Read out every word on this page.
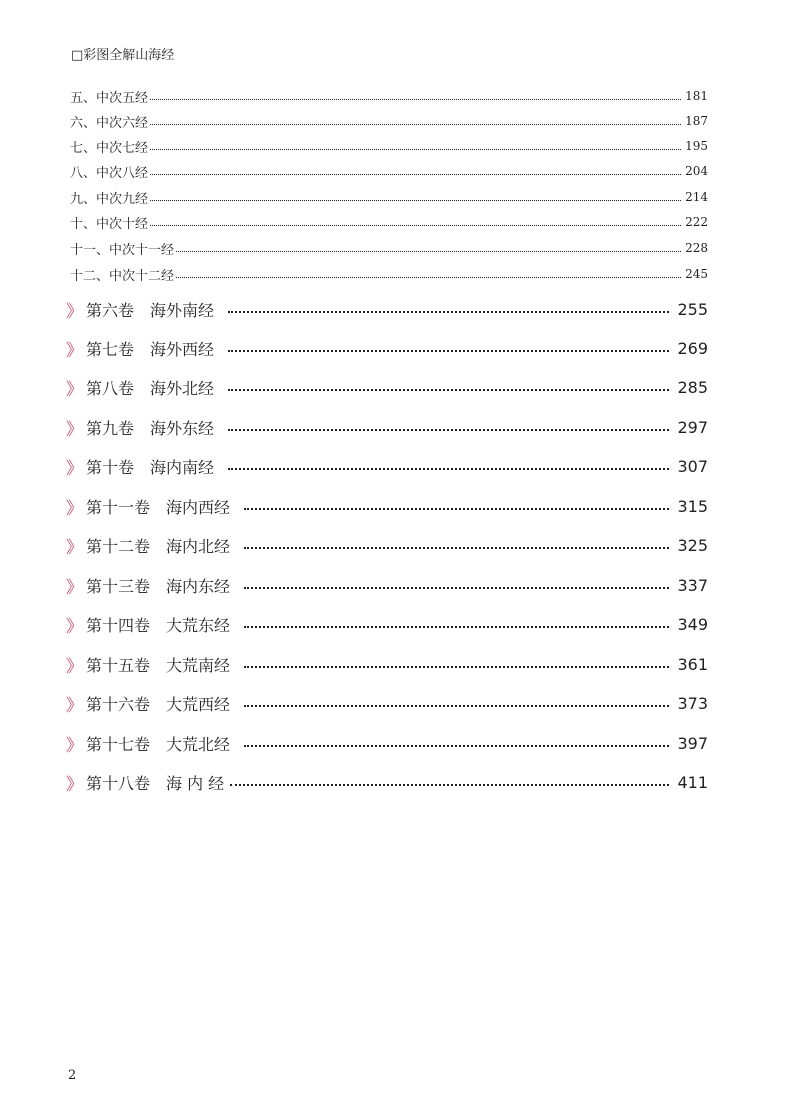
□彩图全解山海经
五、中次五经	181
六、中次六经	187
七、中次七经	195
八、中次八经	204
九、中次九经	214
十、中次十经	222
十一、中次十一经	228
十二、中次十二经	245
》 第六卷　海外南经	255
》 第七卷　海外西经	269
》 第八卷　海外北经	285
》 第九卷　海外东经	297
》 第十卷　海内南经	307
》 第十一卷　海内西经	315
》 第十二卷　海内北经	325
》 第十三卷　海内东经	337
》 第十四卷　大荒东经	349
》 第十五卷　大荒南经	361
》 第十六卷　大荒西经	373
》 第十七卷　大荒北经	397
》 第十八卷　海 内 经	411
2
